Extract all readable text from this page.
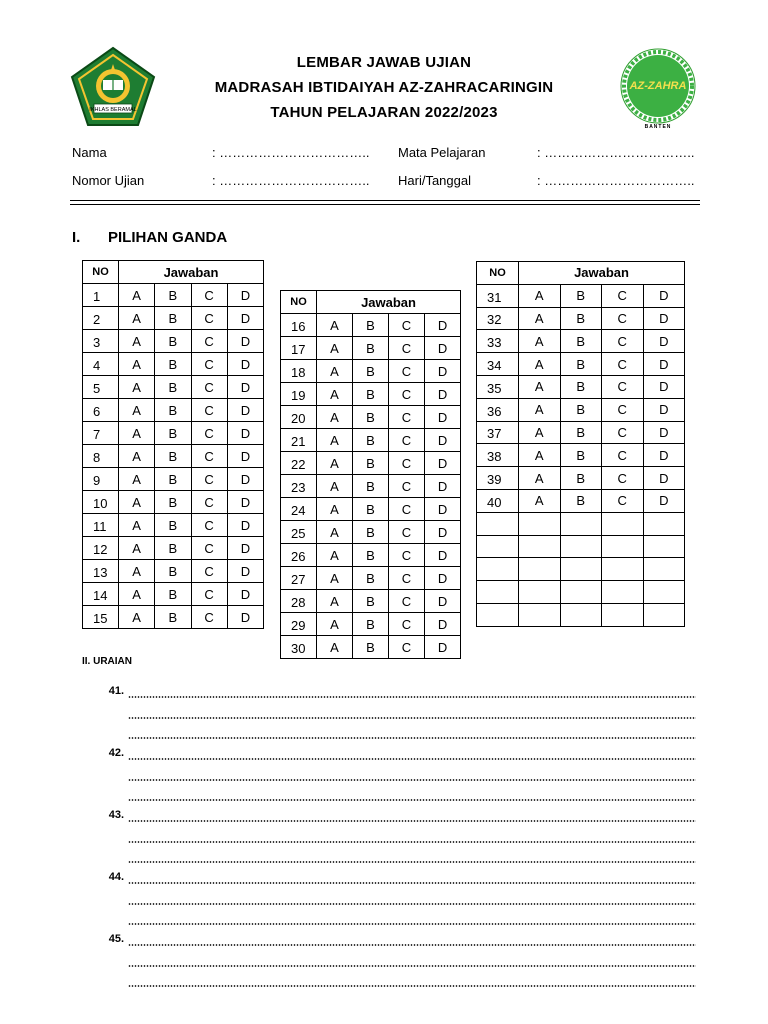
IKHLAS BERAMAL
AZ-ZAHRA
BANTEN
LEMBAR JAWAB UJIAN
MADRASAH IBTIDAIYAH AZ-ZAHRACARINGIN
TAHUN PELAJARAN 2022/2023
Nama	: …………………………….. Mata Pelajaran	: ……………………………..
Nomor Ujian	: …………………………….. Hari/Tanggal	: ……………………………..
I. PILIHAN GANDA
NO	Jawaban			
1	A	B	C	D
2	A	B	C	D
3	A	B	C	D
4	A	B	C	D
5	A	B	C	D
6	A	B	C	D
7	A	B	C	D
8	A	B	C	D
9	A	B	C	D
10	A	B	C	D
11	A	B	C	D
12	A	B	C	D
13	A	B	C	D
14	A	B	C	D
15	A	B	C	D
NO	Jawaban			
16	A	B	C	D
17	A	B	C	D
18	A	B	C	D
19	A	B	C	D
20	A	B	C	D
21	A	B	C	D
22	A	B	C	D
23	A	B	C	D
24	A	B	C	D
25	A	B	C	D
26	A	B	C	D
27	A	B	C	D
28	A	B	C	D
29	A	B	C	D
30	A	B	C	D
NO	Jawaban			
31	A	B	C	D
32	A	B	C	D
33	A	B	C	D
34	A	B	C	D
35	A	B	C	D
36	A	B	C	D
37	A	B	C	D
38	A	B	C	D
39	A	B	C	D
40	A	B	C	D

II. URAIAN
41.
42.
43.
44.
45.
